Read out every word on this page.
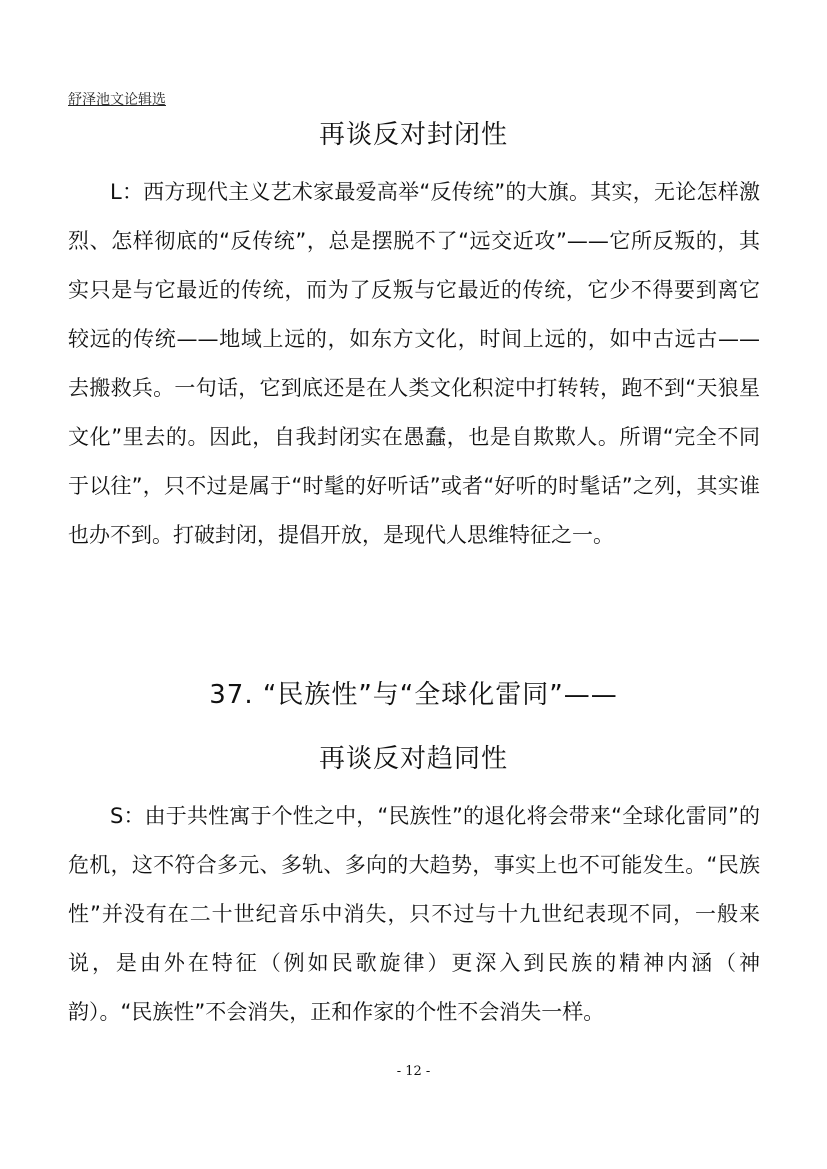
舒泽池文论辑选
再谈反对封闭性

L：西方现代主义艺术家最爱高举“反传统”的大旗。其实，无论怎样激烈、怎样彻底的“反传统”，总是摆脱不了“远交近攻”——它所反叛的，其实只是与它最近的传统，而为了反叛与它最近的传统，它少不得要到离它较远的传统——地域上远的，如东方文化，时间上远的，如中古远古——去搬救兵。一句话，它到底还是在人类文化积淀中打转转，跑不到“天狼星文化”里去的。因此，自我封闭实在愚蠢，也是自欺欺人。所谓“完全不同于以往”，只不过是属于“时髦的好听话”或者“好听的时髦话”之列，其实谁也办不到。打破封闭，提倡开放，是现代人思维特征之一。

37. “民族性”与“全球化雷同”——
再谈反对趋同性

S：由于共性寓于个性之中，“民族性”的退化将会带来“全球化雷同”的危机，这不符合多元、多轨、多向的大趋势，事实上也不可能发生。“民族性”并没有在二十世纪音乐中消失，只不过与十九世纪表现不同，一般来说，是由外在特征（例如民歌旋律）更深入到民族的精神内涵（神韵）。“民族性”不会消失，正和作家的个性不会消失一样。

- 12 -
